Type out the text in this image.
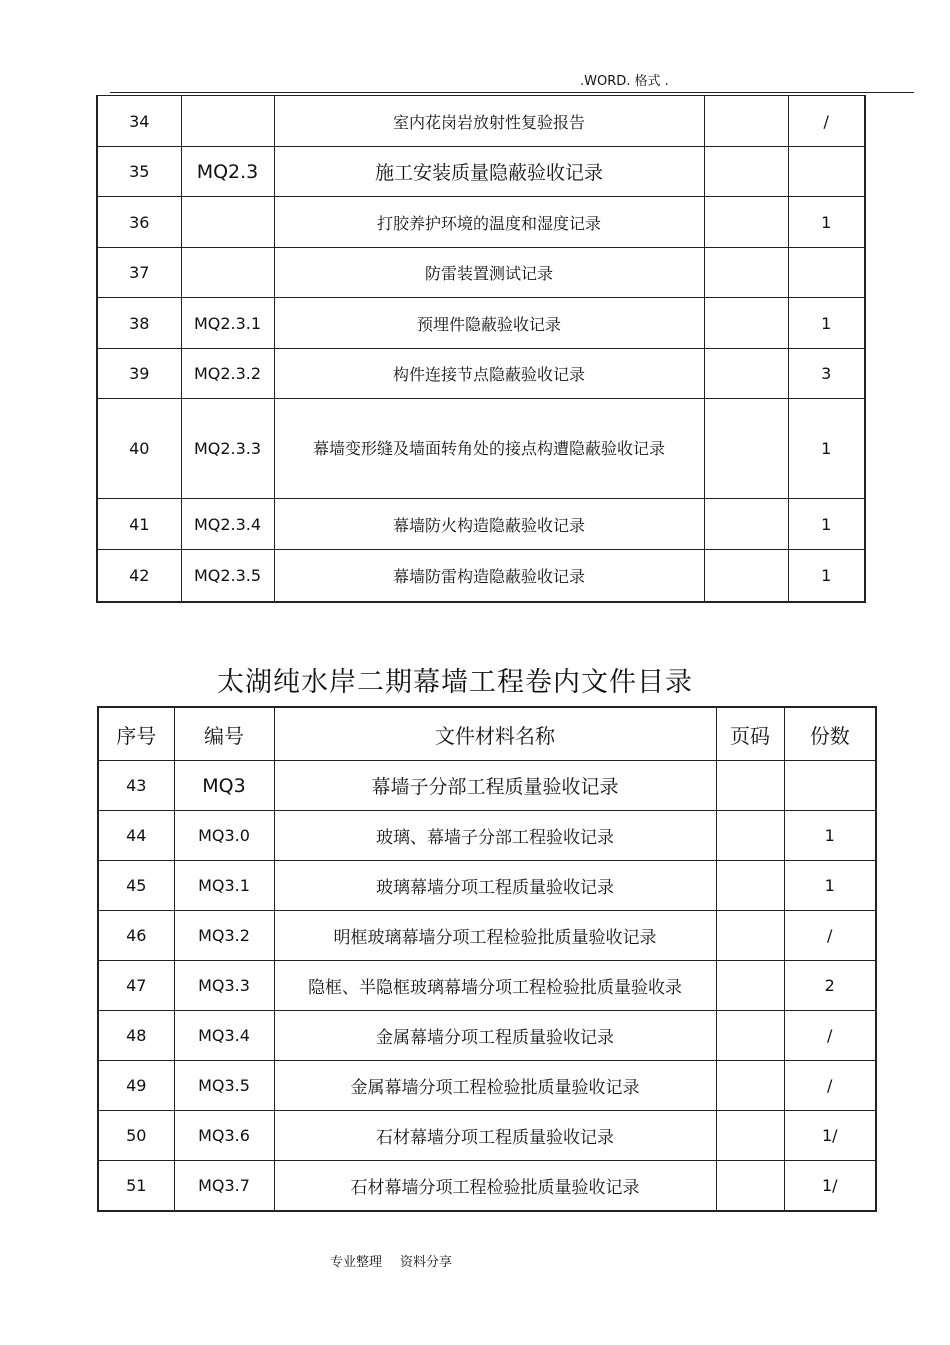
.WORD. 格式 .
34		室内花岗岩放射性复验报告		/
35	MQ2.3	施工安装质量隐蔽验收记录		
36		打胶养护环境的温度和湿度记录		1
37		防雷装置测试记录		
38	MQ2.3.1	预埋件隐蔽验收记录		1
39	MQ2.3.2	构件连接节点隐蔽验收记录		3
40	MQ2.3.3	幕墙变形缝及墙面转角处的接点构遭隐蔽验收记录		1
41	MQ2.3.4	幕墙防火构造隐蔽验收记录		1
42	MQ2.3.5	幕墙防雷构造隐蔽验收记录		1
太湖纯水岸二期幕墙工程卷内文件目录
序号	编号	文件材料名称	页码	份数
43	MQ3	幕墙子分部工程质量验收记录		
44	MQ3.0	玻璃、幕墙子分部工程验收记录		1
45	MQ3.1	玻璃幕墙分项工程质量验收记录		1
46	MQ3.2	明框玻璃幕墙分项工程检验批质量验收记录		/
47	MQ3.3	隐框、半隐框玻璃幕墙分项工程检验批质量验收录		2
48	MQ3.4	金属幕墙分项工程质量验收记录		/
49	MQ3.5	金属幕墙分项工程检验批质量验收记录		/
50	MQ3.6	石材幕墙分项工程质量验收记录		1/
51	MQ3.7	石材幕墙分项工程检验批质量验收记录		1/
专业整理 资料分享
